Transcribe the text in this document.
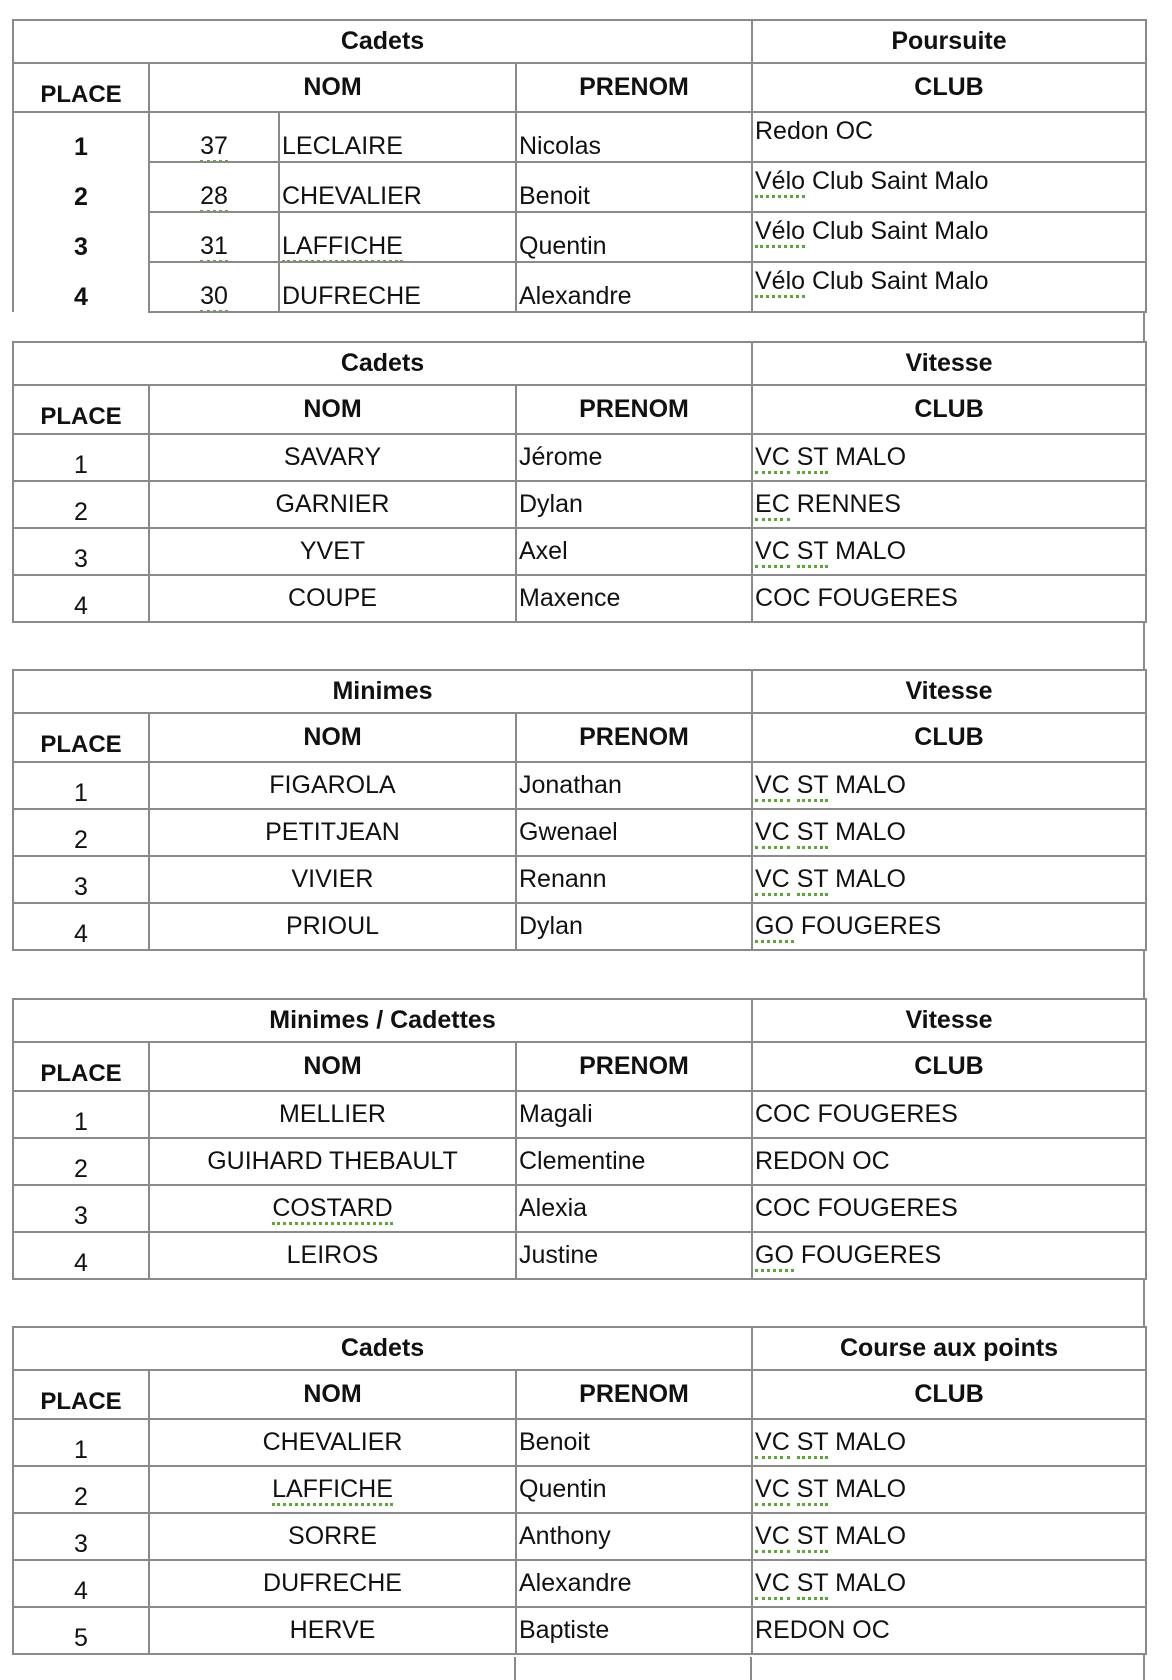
Cadets				Poursuite
PLACE	NOM		PRENOM	CLUB
1	37	LECLAIRE	Nicolas	Redon OC
2	28	CHEVALIER	Benoit	Vélo Club Saint Malo
3	31	LAFFICHE	Quentin	Vélo Club Saint Malo
4	30	DUFRECHE	Alexandre	Vélo Club Saint Malo
Cadets			Vitesse
PLACE	NOM	PRENOM	CLUB
1	SAVARY	Jérome	VC ST MALO
2	GARNIER	Dylan	EC RENNES
3	YVET	Axel	VC ST MALO
4	COUPE	Maxence	COC FOUGERES
Minimes			Vitesse
PLACE	NOM	PRENOM	CLUB
1	FIGAROLA	Jonathan	VC ST MALO
2	PETITJEAN	Gwenael	VC ST MALO
3	VIVIER	Renann	VC ST MALO
4	PRIOUL	Dylan	GO FOUGERES
Minimes / Cadettes			Vitesse
PLACE	NOM	PRENOM	CLUB
1	MELLIER	Magali	COC FOUGERES
2	GUIHARD THEBAULT	Clementine	REDON OC
3	COSTARD	Alexia	COC FOUGERES
4	LEIROS	Justine	GO FOUGERES
Cadets			Course aux points
PLACE	NOM	PRENOM	CLUB
1	CHEVALIER	Benoit	VC ST MALO
2	LAFFICHE	Quentin	VC ST MALO
3	SORRE	Anthony	VC ST MALO
4	DUFRECHE	Alexandre	VC ST MALO
5	HERVE	Baptiste	REDON OC
